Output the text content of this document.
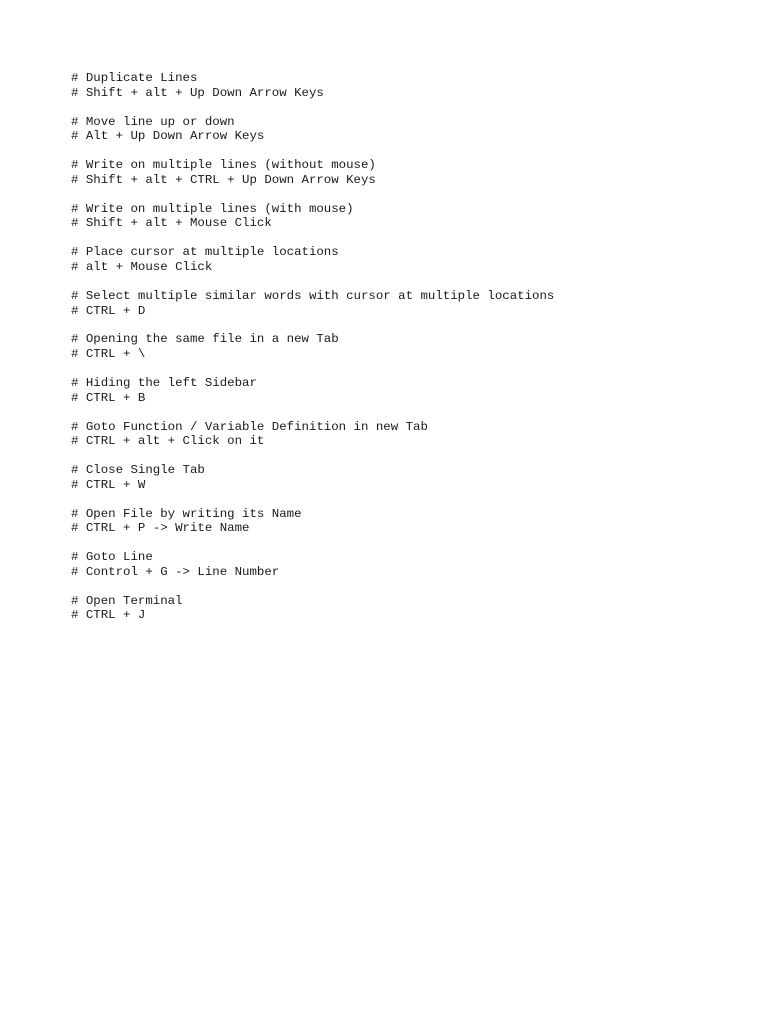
# Duplicate Lines
# Shift + alt + Up Down Arrow Keys
# Move line up or down
# Alt + Up Down Arrow Keys
# Write on multiple lines (without mouse)
# Shift + alt + CTRL + Up Down Arrow Keys
# Write on multiple lines (with mouse)
# Shift + alt + Mouse Click
# Place cursor at multiple locations
# alt + Mouse Click
# Select multiple similar words with cursor at multiple locations
# CTRL + D
# Opening the same file in a new Tab
# CTRL + \
# Hiding the left Sidebar
# CTRL + B
# Goto Function / Variable Definition in new Tab
# CTRL + alt + Click on it
# Close Single Tab
# CTRL + W
# Open File by writing its Name
# CTRL + P -> Write Name
# Goto Line
# Control + G -> Line Number
# Open Terminal
# CTRL + J
